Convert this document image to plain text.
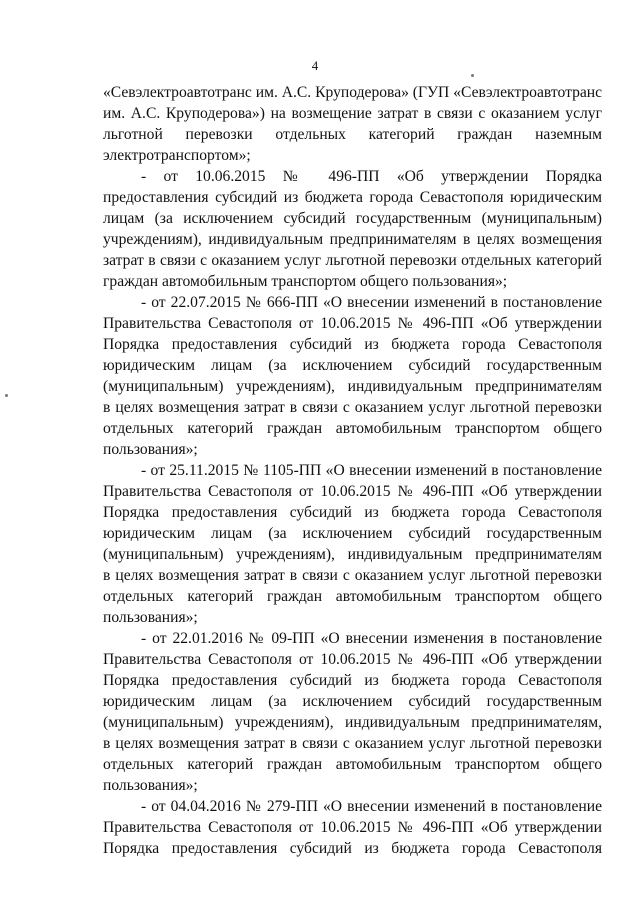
4
«Севэлектроавтотранс им. А.С. Круподерова» (ГУП «Севэлектроавтотранс
им. А.С. Круподерова») на возмещение затрат в связи с оказанием услуг
льготной перевозки отдельных категорий граждан наземным
электротранспортом»;
- от 10.06.2015 № 496-ПП «Об утверждении Порядка
предоставления субсидий из бюджета города Севастополя юридическим
лицам (за исключением субсидий государственным (муниципальным)
учреждениям), индивидуальным предпринимателям в целях возмещения
затрат в связи с оказанием услуг льготной перевозки отдельных категорий
граждан автомобильным транспортом общего пользования»;
- от 22.07.2015 № 666-ПП «О внесении изменений в постановление
Правительства Севастополя от 10.06.2015 № 496-ПП «Об утверждении
Порядка предоставления субсидий из бюджета города Севастополя
юридическим лицам (за исключением субсидий государственным
(муниципальным) учреждениям), индивидуальным предпринимателям
в целях возмещения затрат в связи с оказанием услуг льготной перевозки
отдельных категорий граждан автомобильным транспортом общего
пользования»;
- от 25.11.2015 № 1105-ПП «О внесении изменений в постановление
Правительства Севастополя от 10.06.2015 № 496-ПП «Об утверждении
Порядка предоставления субсидий из бюджета города Севастополя
юридическим лицам (за исключением субсидий государственным
(муниципальным) учреждениям), индивидуальным предпринимателям
в целях возмещения затрат в связи с оказанием услуг льготной перевозки
отдельных категорий граждан автомобильным транспортом общего
пользования»;
- от 22.01.2016 № 09-ПП «О внесении изменения в постановление
Правительства Севастополя от 10.06.2015 № 496-ПП «Об утверждении
Порядка предоставления субсидий из бюджета города Севастополя
юридическим лицам (за исключением субсидий государственным
(муниципальным) учреждениям), индивидуальным предпринимателям,
в целях возмещения затрат в связи с оказанием услуг льготной перевозки
отдельных категорий граждан автомобильным транспортом общего
пользования»;
- от 04.04.2016 № 279-ПП «О внесении изменений в постановление
Правительства Севастополя от 10.06.2015 № 496-ПП «Об утверждении
Порядка предоставления субсидий из бюджета города Севастополя
